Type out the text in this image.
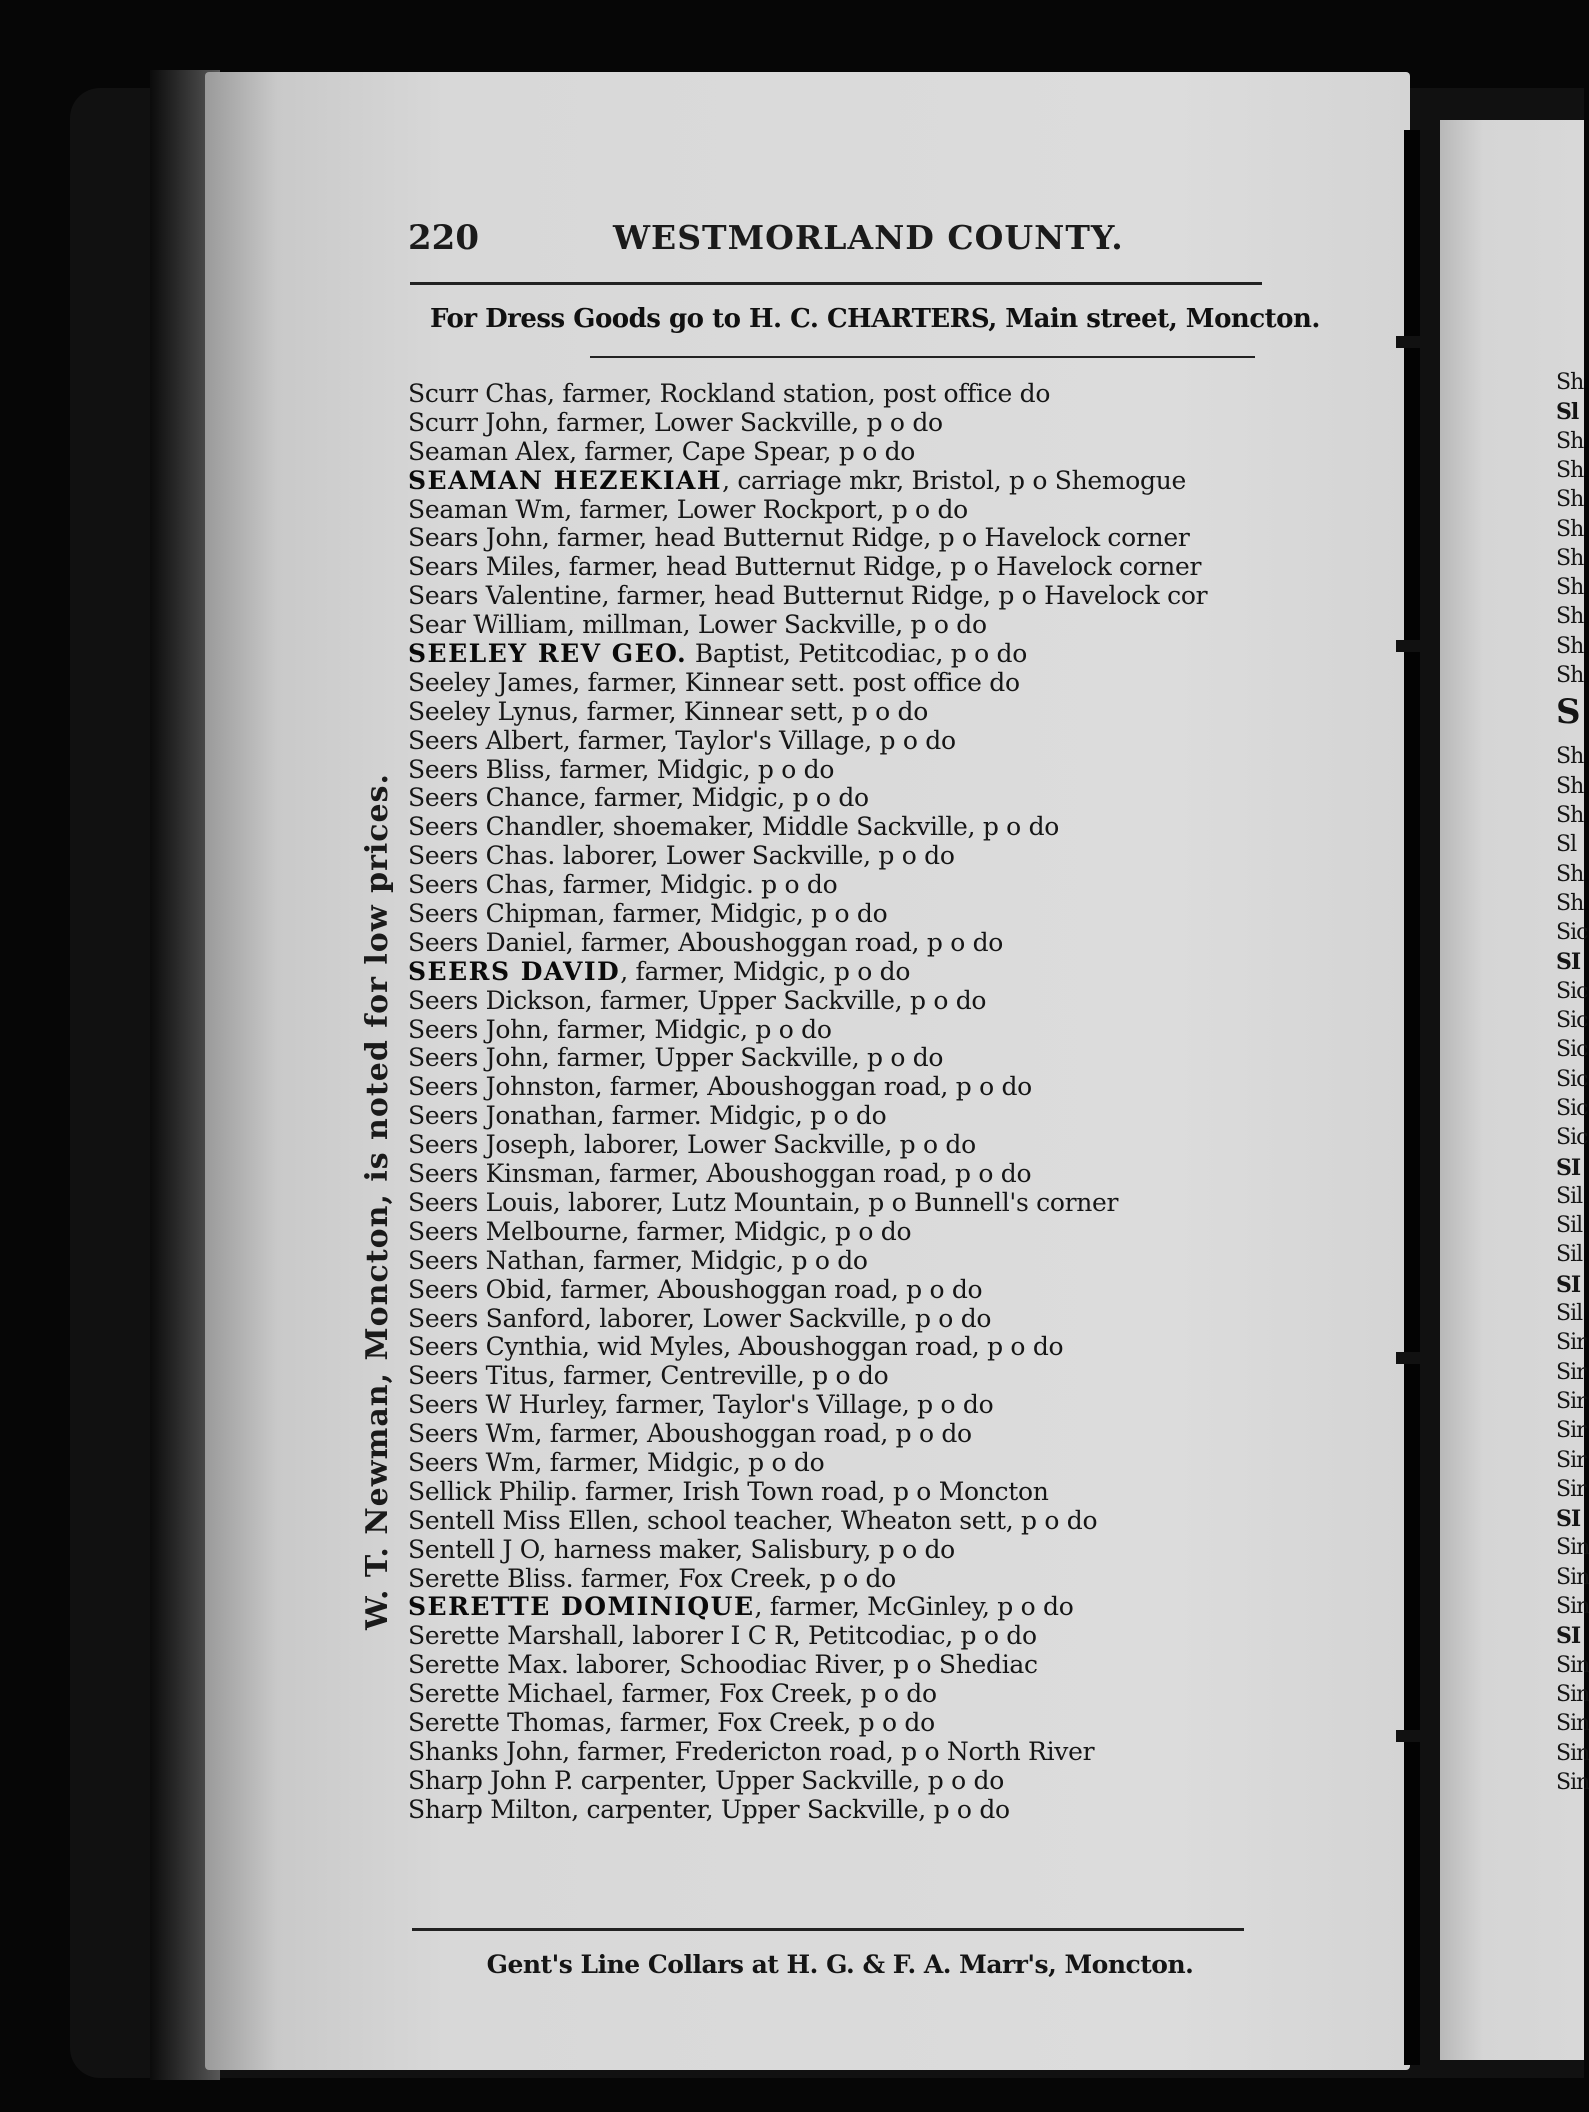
Sh
Sl
Sh
Sh
Sh
Sh
Sh
Sh
Sh
Sh
Sh
S
Sh
Sh
Sh
Sl
Sh
Sh
Sic
SI
Sic
Sic
Sic
Sic
Sic
Sic
SI
Sil
Sil
Sil
SI
Sil
Sir
Sir
Sir
Sir
Sir
Sir
SI
Sin
Sin
Sin
SI
Sin
Sin
Sin
Sin
Sin
220	WESTMORLAND COUNTY.
For Dress Goods go to H. C. CHARTERS, Main street, Moncton.
Scurr Chas, farmer, Rockland station, post office do
Scurr John, farmer, Lower Sackville, p o do
Seaman Alex, farmer, Cape Spear, p o do
SEAMAN HEZEKIAH, carriage mkr, Bristol, p o Shemogue
Seaman Wm, farmer, Lower Rockport, p o do
Sears John, farmer, head Butternut Ridge, p o Havelock corner
Sears Miles, farmer, head Butternut Ridge, p o Havelock corner
Sears Valentine, farmer, head Butternut Ridge, p o Havelock cor
Sear William, millman, Lower Sackville, p o do
SEELEY REV GEO. Baptist, Petitcodiac, p o do
Seeley James, farmer, Kinnear sett. post office do
Seeley Lynus, farmer, Kinnear sett, p o do
Seers Albert, farmer, Taylor's Village, p o do
Seers Bliss, farmer, Midgic, p o do
Seers Chance, farmer, Midgic, p o do
Seers Chandler, shoemaker, Middle Sackville, p o do
Seers Chas. laborer, Lower Sackville, p o do
Seers Chas, farmer, Midgic. p o do
Seers Chipman, farmer, Midgic, p o do
Seers Daniel, farmer, Aboushoggan road, p o do
SEERS DAVID, farmer, Midgic, p o do
Seers Dickson, farmer, Upper Sackville, p o do
Seers John, farmer, Midgic, p o do
Seers John, farmer, Upper Sackville, p o do
Seers Johnston, farmer, Aboushoggan road, p o do
Seers Jonathan, farmer. Midgic, p o do
Seers Joseph, laborer, Lower Sackville, p o do
Seers Kinsman, farmer, Aboushoggan road, p o do
Seers Louis, laborer, Lutz Mountain, p o Bunnell's corner
Seers Melbourne, farmer, Midgic, p o do
Seers Nathan, farmer, Midgic, p o do
Seers Obid, farmer, Aboushoggan road, p o do
Seers Sanford, laborer, Lower Sackville, p o do
Seers Cynthia, wid Myles, Aboushoggan road, p o do
Seers Titus, farmer, Centreville, p o do
Seers W Hurley, farmer, Taylor's Village, p o do
Seers Wm, farmer, Aboushoggan road, p o do
Seers Wm, farmer, Midgic, p o do
Sellick Philip. farmer, Irish Town road, p o Moncton
Sentell Miss Ellen, school teacher, Wheaton sett, p o do
Sentell J O, harness maker, Salisbury, p o do
Serette Bliss. farmer, Fox Creek, p o do
SERETTE DOMINIQUE, farmer, McGinley, p o do
Serette Marshall, laborer I C R, Petitcodiac, p o do
Serette Max. laborer, Schoodiac River, p o Shediac
Serette Michael, farmer, Fox Creek, p o do
Serette Thomas, farmer, Fox Creek, p o do
Shanks John, farmer, Fredericton road, p o North River
Sharp John P. carpenter, Upper Sackville, p o do
Sharp Milton, carpenter, Upper Sackville, p o do
Gent's Line Collars at H. G. & F. A. Marr's, Moncton.
W. T. Newman, Moncton, is noted for low prices.
